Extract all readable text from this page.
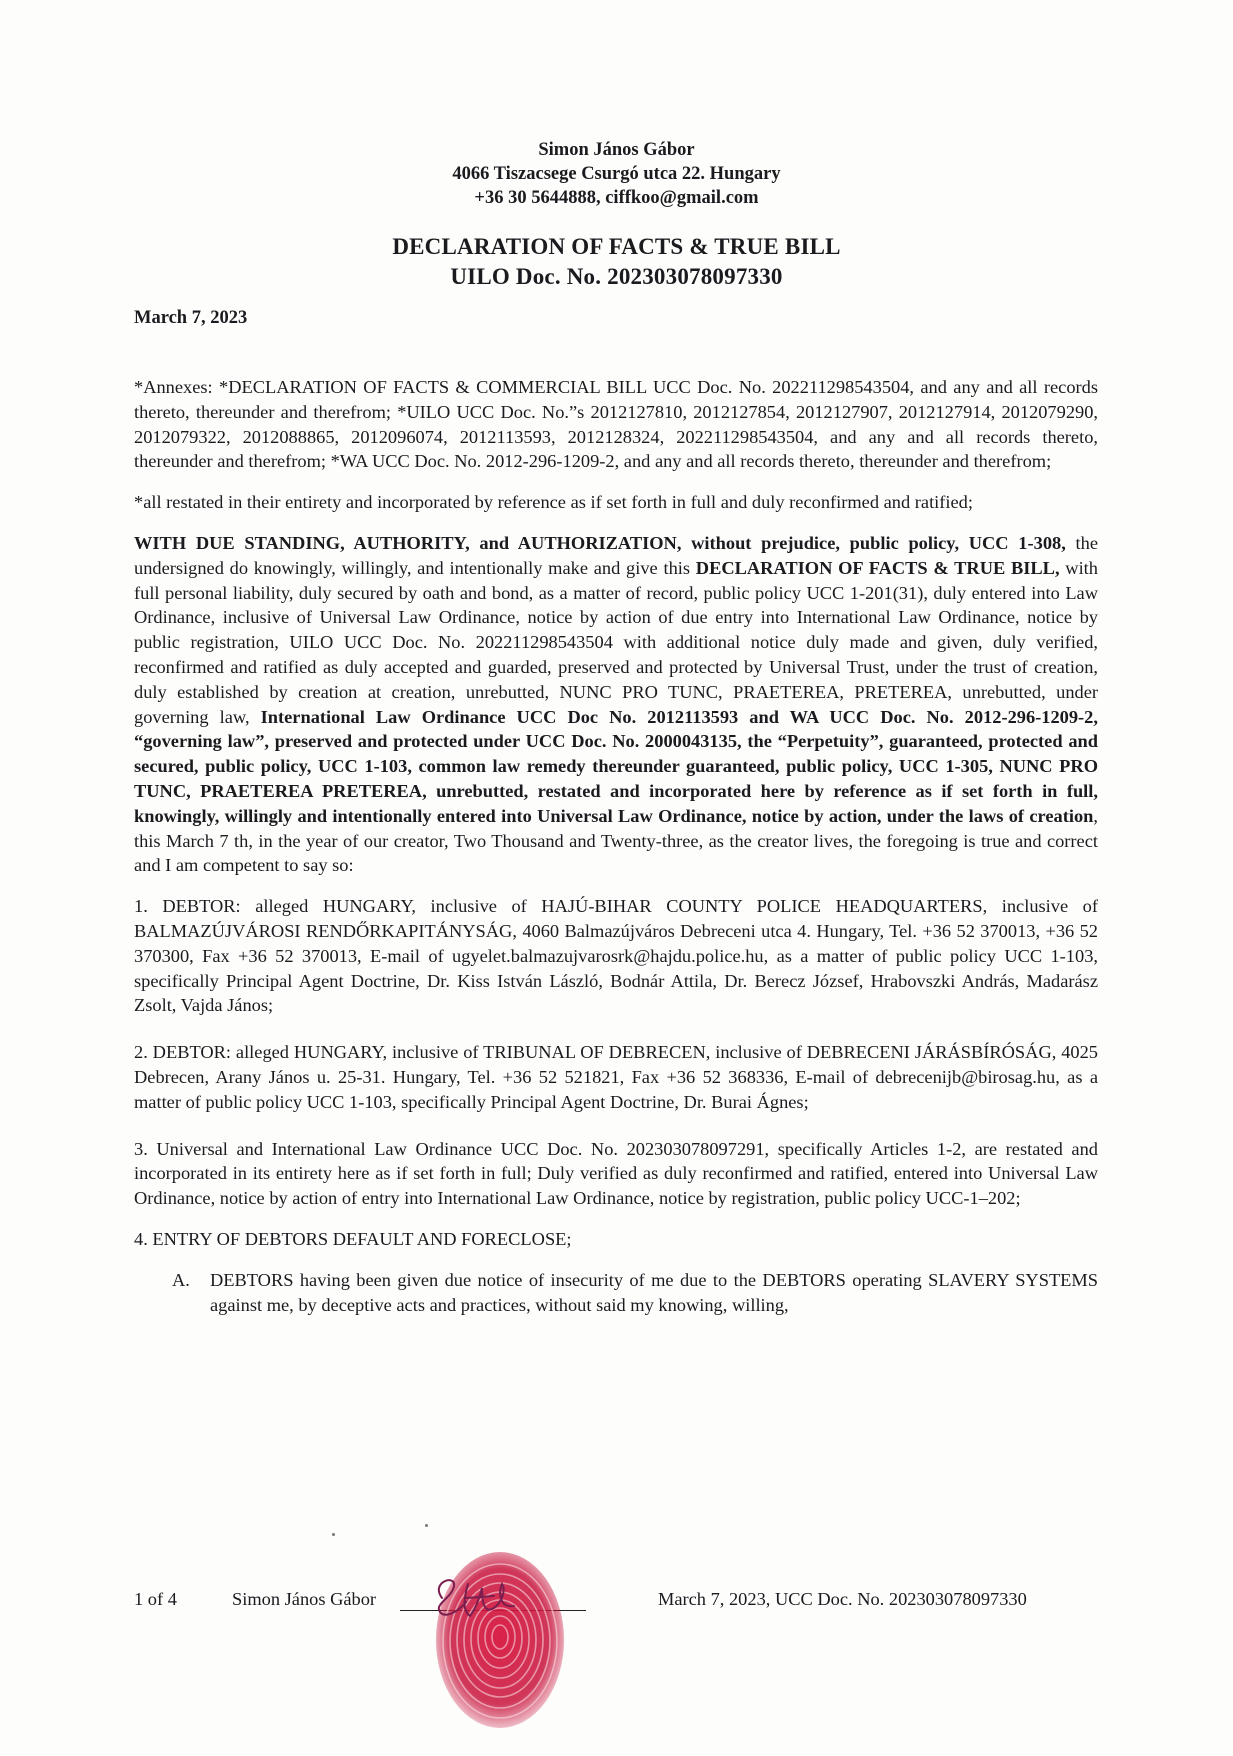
Simon János Gábor
4066 Tiszacsege Csurgó utca 22. Hungary
+36 30 5644888, ciffkoo@gmail.com
DECLARATION OF FACTS & TRUE BILL
UILO Doc. No. 202303078097330
March 7, 2023

*Annexes: *DECLARATION OF FACTS & COMMERCIAL BILL UCC Doc. No. 202211298543504, and any and all records thereto, thereunder and therefrom; *UILO UCC Doc. No.”s 2012127810, 2012127854, 2012127907, 2012127914, 2012079290, 2012079322, 2012088865, 2012096074, 2012113593, 2012128324, 202211298543504, and any and all records thereto, thereunder and therefrom; *WA UCC Doc. No. 2012-296-1209-2, and any and all records thereto, thereunder and therefrom;

*all restated in their entirety and incorporated by reference as if set forth in full and duly reconfirmed and ratified;

WITH DUE STANDING, AUTHORITY, and AUTHORIZATION, without prejudice, public policy, UCC 1-308, the undersigned do knowingly, willingly, and intentionally make and give this DECLARATION OF FACTS & TRUE BILL, with full personal liability, duly secured by oath and bond, as a matter of record, public policy UCC 1-201(31), duly entered into Law Ordinance, inclusive of Universal Law Ordinance, notice by action of due entry into International Law Ordinance, notice by public registration, UILO UCC Doc. No. 202211298543504 with additional notice duly made and given, duly verified, reconfirmed and ratified as duly accepted and guarded, preserved and protected by Universal Trust, under the trust of creation, duly established by creation at creation, unrebutted, NUNC PRO TUNC, PRAETEREA, PRETEREA, unrebutted, under governing law, International Law Ordinance UCC Doc No. 2012113593 and WA UCC Doc. No. 2012-296-1209-2, “governing law”, preserved and protected under UCC Doc. No. 2000043135, the “Perpetuity”, guaranteed, protected and secured, public policy, UCC 1-103, common law remedy thereunder guaranteed, public policy, UCC 1-305, NUNC PRO TUNC, PRAETEREA PRETEREA, unrebutted, restated and incorporated here by reference as if set forth in full, knowingly, willingly and intentionally entered into Universal Law Ordinance, notice by action, under the laws of creation, this March 7 th, in the year of our creator, Two Thousand and Twenty-three, as the creator lives, the foregoing is true and correct and I am competent to say so:

1. DEBTOR: alleged HUNGARY, inclusive of HAJÚ-BIHAR COUNTY POLICE HEADQUARTERS, inclusive of BALMAZÚJVÁROSI RENDŐRKAPITÁNYSÁG, 4060 Balmazújváros Debreceni utca 4. Hungary, Tel. +36 52 370013, +36 52 370300, Fax +36 52 370013, E-mail of ugyelet.balmazujvarosrk@hajdu.police.hu, as a matter of public policy UCC 1-103, specifically Principal Agent Doctrine, Dr. Kiss István László, Bodnár Attila, Dr. Berecz József, Hrabovszki András, Madarász Zsolt, Vajda János;

2. DEBTOR: alleged HUNGARY, inclusive of TRIBUNAL OF DEBRECEN, inclusive of DEBRECENI JÁRÁSBÍRÓSÁG, 4025 Debrecen, Arany János u. 25-31. Hungary, Tel. +36 52 521821, Fax +36 52 368336, E-mail of debrecenijb@birosag.hu, as a matter of public policy UCC 1-103, specifically Principal Agent Doctrine, Dr. Burai Ágnes;

3. Universal and International Law Ordinance UCC Doc. No. 202303078097291, specifically Articles 1-2, are restated and incorporated in its entirety here as if set forth in full; Duly verified as duly reconfirmed and ratified, entered into Universal Law Ordinance, notice by action of entry into International Law Ordinance, notice by registration, public policy UCC-1–202;

4. ENTRY OF DEBTORS DEFAULT AND FORECLOSE;

A.	DEBTORS having been given due notice of insecurity of me due to the DEBTORS operating SLAVERY SYSTEMS against me, by deceptive acts and practices, without said my knowing, willing,
1 of 4	Simon János Gábor	March 7, 2023, UCC Doc. No. 202303078097330
